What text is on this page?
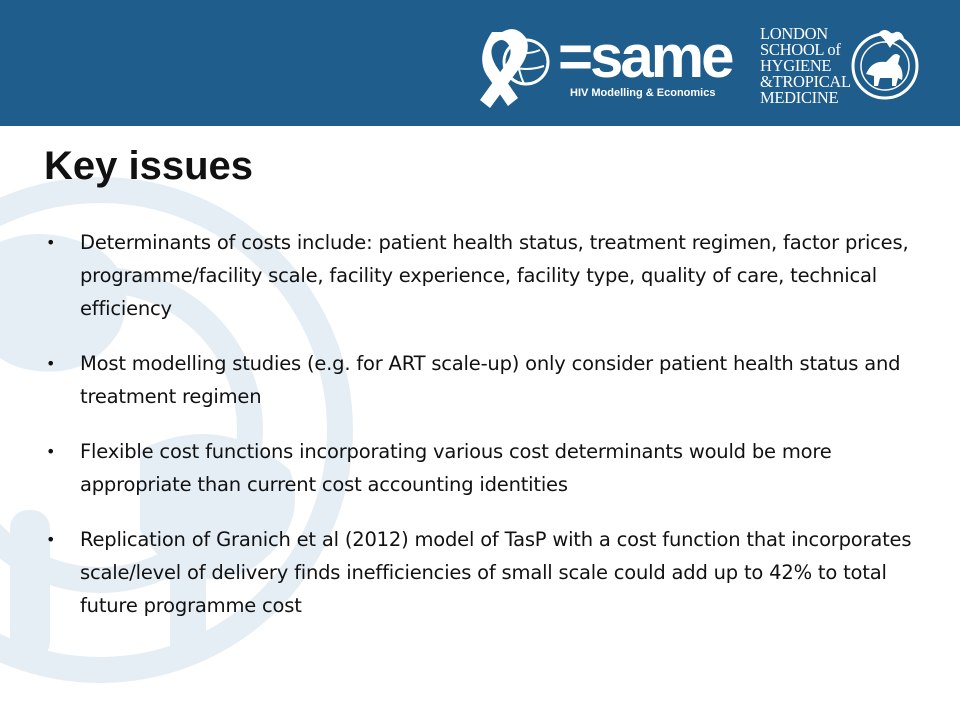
=same
HIV Modelling & Economics
LONDON
SCHOOL of
HYGIENE
&TROPICAL
MEDICINE
Key issues
• Determinants of costs include: patient health status, treatment regimen, factor prices, programme/facility scale, facility experience, facility type, quality of care, technical efficiency
• Most modelling studies (e.g. for ART scale-up) only consider patient health status and treatment regimen
• Flexible cost functions incorporating various cost determinants would be more appropriate than current cost accounting identities
• Replication of Granich et al (2012) model of TasP with a cost function that incorporates scale/level of delivery finds inefficiencies of small scale could add up to 42% to total future programme cost
